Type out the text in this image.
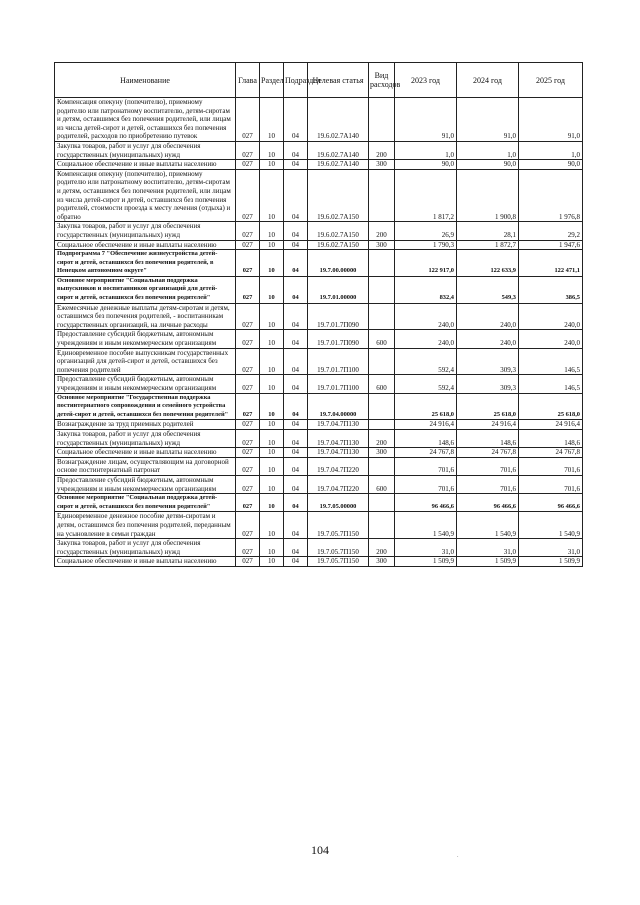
Наименование	Глава	Раздел	Подраздел	Целевая статья	Вид расходов	2023 год	2024 год	2025 год
Компенсация опекуну (попечителю), приемному родителю или патронатному воспитателю, детям-сиротам и детям, оставшимся без попечения родителей, или лицам из числа детей-сирот и детей, оставшихся без попечения родителей, расходов по приобретению путевок	027	10	04	19.6.02.7А140		91,0	91,0	91,0
Закупка товаров, работ и услуг для обеспечения государственных (муниципальных) нужд	027	10	04	19.6.02.7А140	200	1,0	1,0	1,0
Социальное обеспечение и иные выплаты населению	027	10	04	19.6.02.7А140	300	90,0	90,0	90,0
Компенсация опекуну (попечителю), приемному родителю или патронатному воспитателю, детям-сиротам и детям, оставшимся без попечения родителей, или лицам из числа детей-сирот и детей, оставшихся без попечения родителей, стоимости проезда к месту лечения (отдыха) и обратно	027	10	04	19.6.02.7А150		1 817,2	1 900,8	1 976,8
Закупка товаров, работ и услуг для обеспечения государственных (муниципальных) нужд	027	10	04	19.6.02.7А150	200	26,9	28,1	29,2
Социальное обеспечение и иные выплаты населению	027	10	04	19.6.02.7А150	300	1 790,3	1 872,7	1 947,6
Подпрограмма 7 "Обеспечение жизнеустройства детей-сирот и детей, оставшихся без попечения родителей, в Ненецком автономном округе"	027	10	04	19.7.00.00000		122 917,0	122 633,9	122 471,1
Основное мероприятие "Социальная поддержка выпускников и воспитанников организаций для детей-сирот и детей, оставшихся без попечения родителей"	027	10	04	19.7.01.00000		832,4	549,3	386,5
Ежемесячные денежные выплаты детям-сиротам и детям, оставшимся без попечения родителей, - воспитанникам государственных организаций, на личные расходы	027	10	04	19.7.01.7П090		240,0	240,0	240,0
Предоставление субсидий бюджетным, автономным учреждениям и иным некоммерческим организациям	027	10	04	19.7.01.7П090	600	240,0	240,0	240,0
Единовременное пособие выпускникам государственных организаций для детей-сирот и детей, оставшихся без попечения родителей	027	10	04	19.7.01.7П100		592,4	309,3	146,5
Предоставление субсидий бюджетным, автономным учреждениям и иным некоммерческим организациям	027	10	04	19.7.01.7П100	600	592,4	309,3	146,5
Основное мероприятие "Государственная поддержка постинтернатного сопровождения и семейного устройства детей-сирот и детей, оставшихся без попечения родителей"	027	10	04	19.7.04.00000		25 618,0	25 618,0	25 618,0
Вознаграждение за труд приемных родителей	027	10	04	19.7.04.7П130		24 916,4	24 916,4	24 916,4
Закупка товаров, работ и услуг для обеспечения государственных (муниципальных) нужд	027	10	04	19.7.04.7П130	200	148,6	148,6	148,6
Социальное обеспечение и иные выплаты населению	027	10	04	19.7.04.7П130	300	24 767,8	24 767,8	24 767,8
Вознаграждение лицам, осуществляющим на договорной основе постинтернатный патронат	027	10	04	19.7.04.7П220		701,6	701,6	701,6
Предоставление субсидий бюджетным, автономным учреждениям и иным некоммерческим организациям	027	10	04	19.7.04.7П220	600	701,6	701,6	701,6
Основное мероприятие "Социальная поддержка детей-сирот и детей, оставшихся без попечения родителей"	027	10	04	19.7.05.00000		96 466,6	96 466,6	96 466,6
Единовременное денежное пособие детям-сиротам и детям, оставшимся без попечения родителей, переданным на усыновление в семьи граждан	027	10	04	19.7.05.7П150		1 540,9	1 540,9	1 540,9
Закупка товаров, работ и услуг для обеспечения государственных (муниципальных) нужд	027	10	04	19.7.05.7П150	200	31,0	31,0	31,0
Социальное обеспечение и иные выплаты населению	027	10	04	19.7.05.7П150	300	1 509,9	1 509,9	1 509,9
104	.
